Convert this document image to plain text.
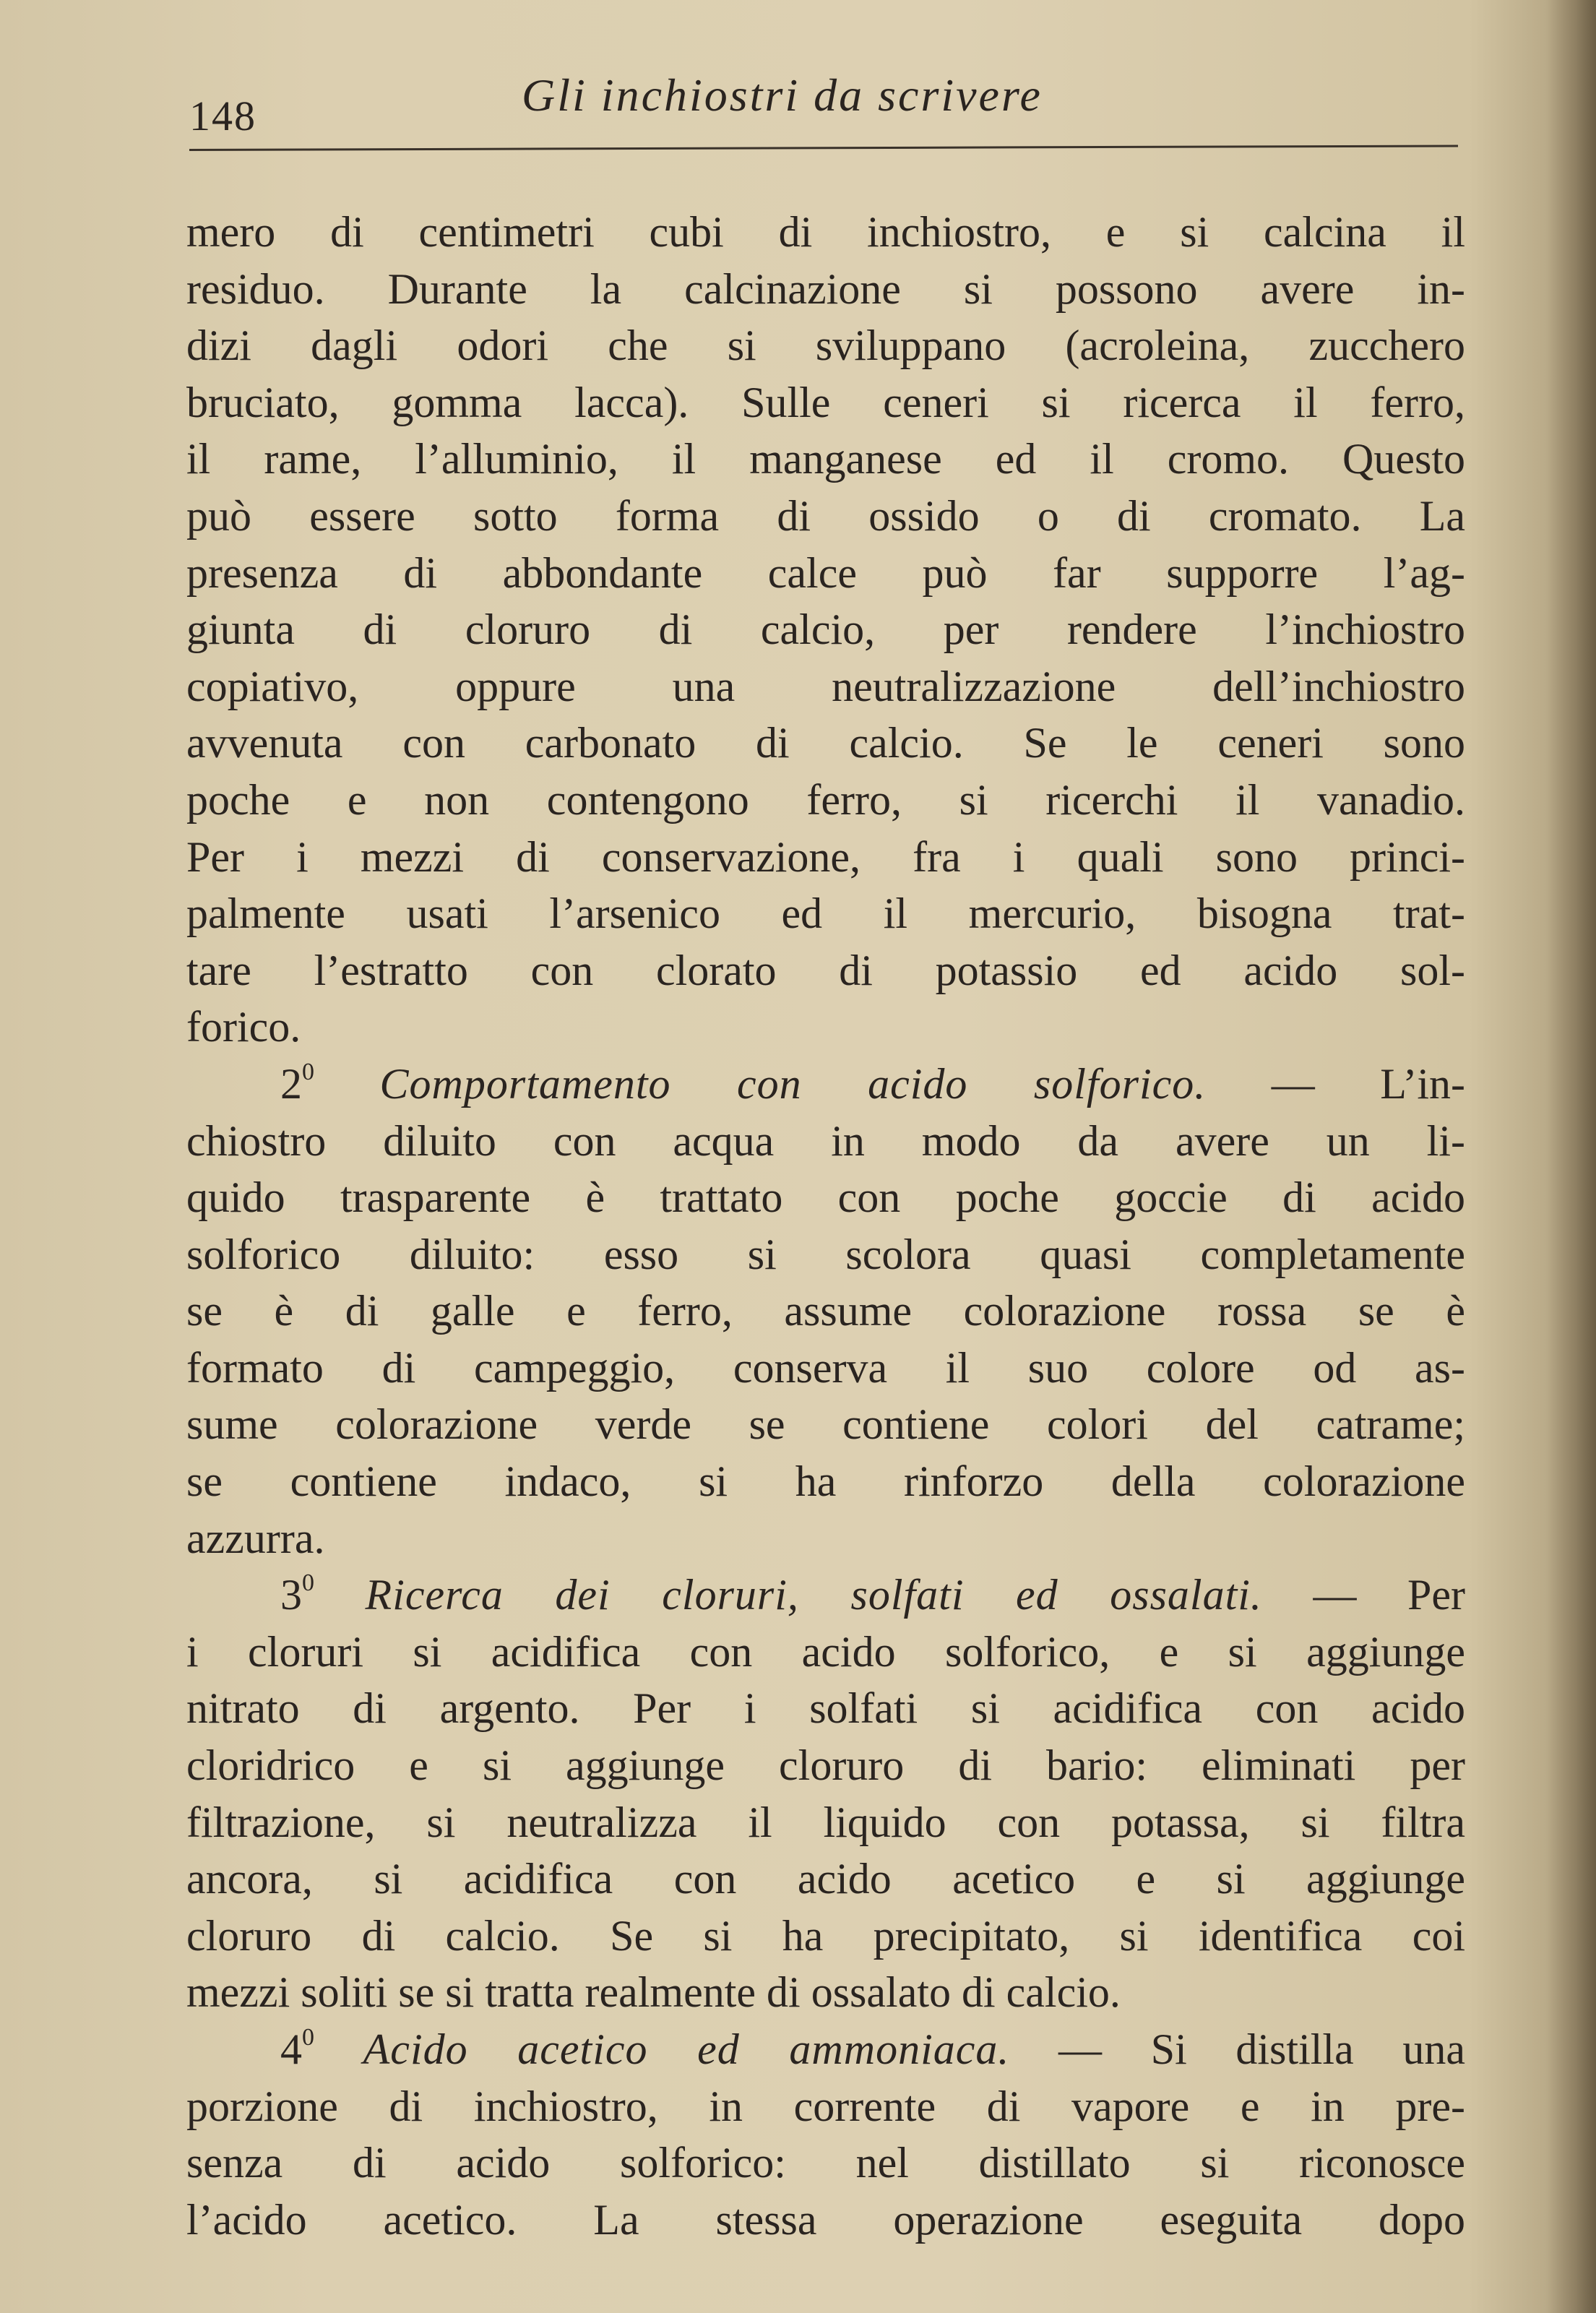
148	Gli inchiostri da scrivere
mero di centimetri cubi di inchiostro, e si calcina il
residuo. Durante la calcinazione si possono avere in-
dizi dagli odori che si sviluppano (acroleina, zucchero
bruciato, gomma lacca). Sulle ceneri si ricerca il ferro,
il rame, l’alluminio, il manganese ed il cromo. Questo
può essere sotto forma di ossido o di cromato. La
presenza di abbondante calce può far supporre l’ag-
giunta di cloruro di calcio, per rendere l’inchiostro
copiativo, oppure una neutralizzazione dell’inchiostro
avvenuta con carbonato di calcio. Se le ceneri sono
poche e non contengono ferro, si ricerchi il vanadio.
Per i mezzi di conservazione, fra i quali sono princi-
palmente usati l’arsenico ed il mercurio, bisogna trat-
tare l’estratto con clorato di potassio ed acido sol-
forico.
$2^0$ Comportamento con acido solforico. — L’in-
chiostro diluito con acqua in modo da avere un li-
quido trasparente è trattato con poche goccie di acido
solforico diluito: esso si scolora quasi completamente
se è di galle e ferro, assume colorazione rossa se è
formato di campeggio, conserva il suo colore od as-
sume colorazione verde se contiene colori del catrame;
se contiene indaco, si ha rinforzo della colorazione
azzurra.
$3^0$ Ricerca dei cloruri, solfati ed ossalati. — Per
i cloruri si acidifica con acido solforico, e si aggiunge
nitrato di argento. Per i solfati si acidifica con acido
cloridrico e si aggiunge cloruro di bario: eliminati per
filtrazione, si neutralizza il liquido con potassa, si filtra
ancora, si acidifica con acido acetico e si aggiunge
cloruro di calcio. Se si ha precipitato, si identifica coi
mezzi soliti se si tratta realmente di ossalato di calcio.
$4^0$ Acido acetico ed ammoniaca. — Si distilla una
porzione di inchiostro, in corrente di vapore e in pre-
senza di acido solforico: nel distillato si riconosce
l’acido acetico. La stessa operazione eseguita dopo
